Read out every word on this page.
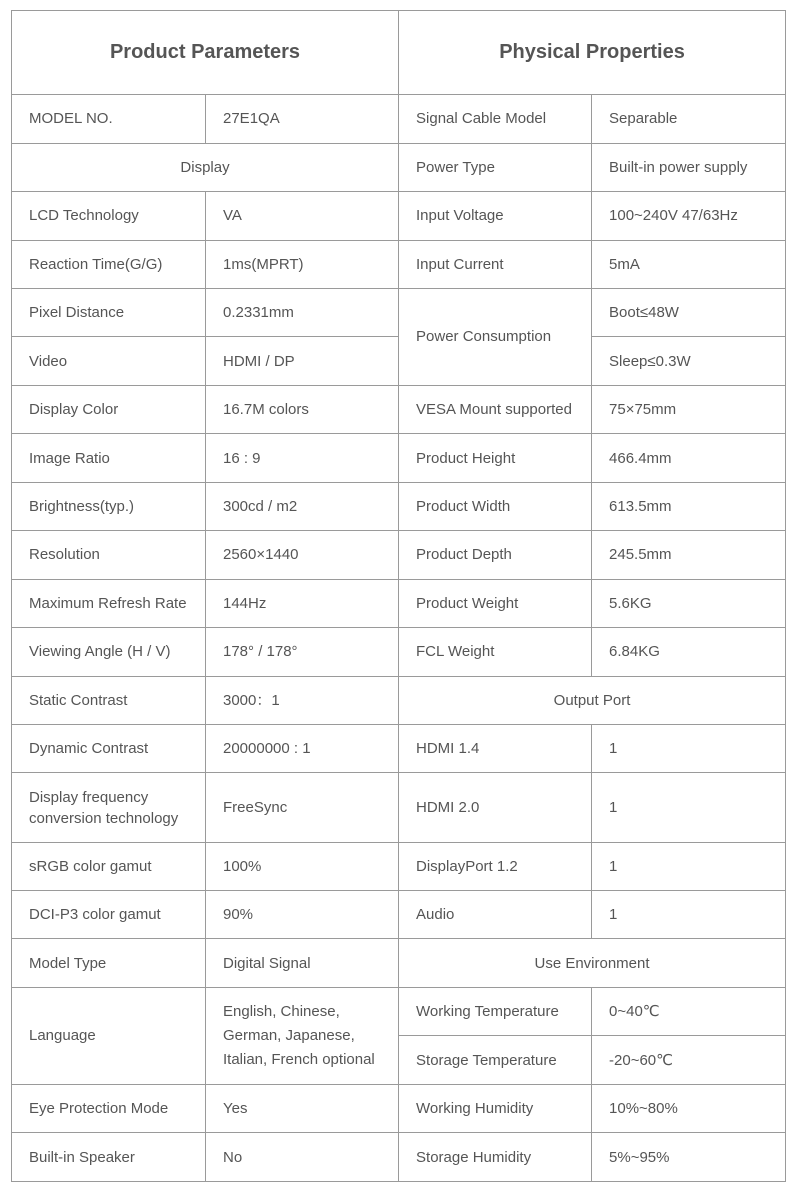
Product Parameters		Physical Properties	
MODEL NO.	27E1QA	Signal Cable Model	Separable
Display		Power Type	Built-in power supply
LCD Technology	VA	Input Voltage	100~240V 47/63Hz
Reaction Time(G/G)	1ms(MPRT)	Input Current	5mA
Pixel Distance	0.2331mm	Power Consumption	Boot≤48W
Video	HDMI / DP		Sleep≤0.3W
Display Color	16.7M colors	VESA Mount supported	75×75mm
Image Ratio	16 : 9	Product Height	466.4mm
Brightness(typ.)	300cd / m2	Product Width	613.5mm
Resolution	2560×1440	Product Depth	245.5mm
Maximum Refresh Rate	144Hz	Product Weight	5.6KG
Viewing Angle (H / V)	178° / 178°	FCL Weight	6.84KG
Static Contrast	3000：1	Output Port	
Dynamic Contrast	20000000 : 1	HDMI 1.4	1

Display frequency
conversion technology	FreeSync	HDMI 2.0	1
sRGB color gamut	100%	DisplayPort 1.2	1
DCI-P3 color gamut	90%	Audio	1
Model Type	Digital Signal	Use Environment	
Language	English, Chinese,
German, Japanese,
Italian, French optional	Working Temperature	0~40℃
		Storage Temperature	-20~60℃
Eye Protection Mode	Yes	Working Humidity	10%~80%
Built-in Speaker	No	Storage Humidity	5%~95%
